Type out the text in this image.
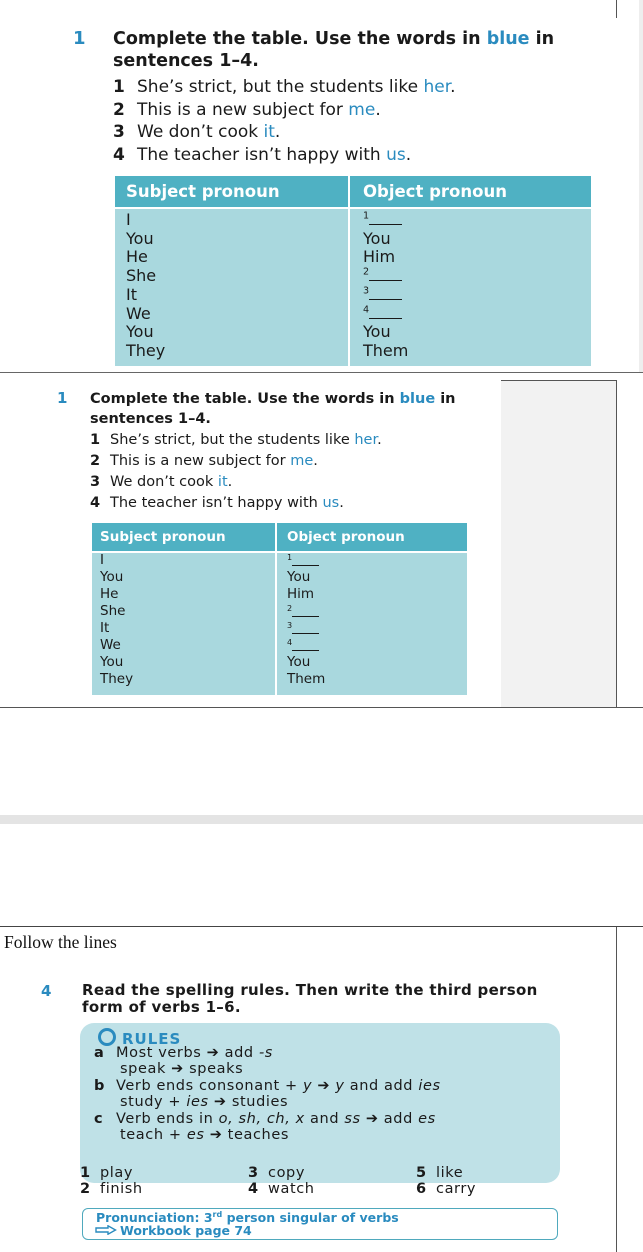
1 Complete the table. Use the words in blue in sentences 1–4.
1 She’s strict, but the students like her.
2 This is a new subject for me.
3 We don’t cook it.
4 The teacher isn’t happy with us.
Subject pronoun	Object pronoun
I	$^1$
You	You
He	Him
She	$^2$
It	$^3$
We	$^4$
You	You
They	Them
1 Complete the table. Use the words in blue in sentences 1–4.
1 She’s strict, but the students like her.
2 This is a new subject for me.
3 We don’t cook it.
4 The teacher isn’t happy with us.
Subject pronoun	Object pronoun
I	$^1$
You	You
He	Him
She	$^2$
It	$^3$
We	$^4$
You	You
They	Them
Follow the lines
4 Read the spelling rules. Then write the third person form of verbs 1–6.
RULES
a Most verbs ➔ add -s
speak ➔ speaks
b Verb ends consonant + y ➔ y and add ies
study + ies ➔ studies
c Verb ends in o, sh, ch, x and ss ➔ add es
teach + es ➔ teaches
1 play	3 copy	5 like
2 finish	4 watch	6 carry
Pronunciation: 3rd person singular of verbs
Workbook page 74
